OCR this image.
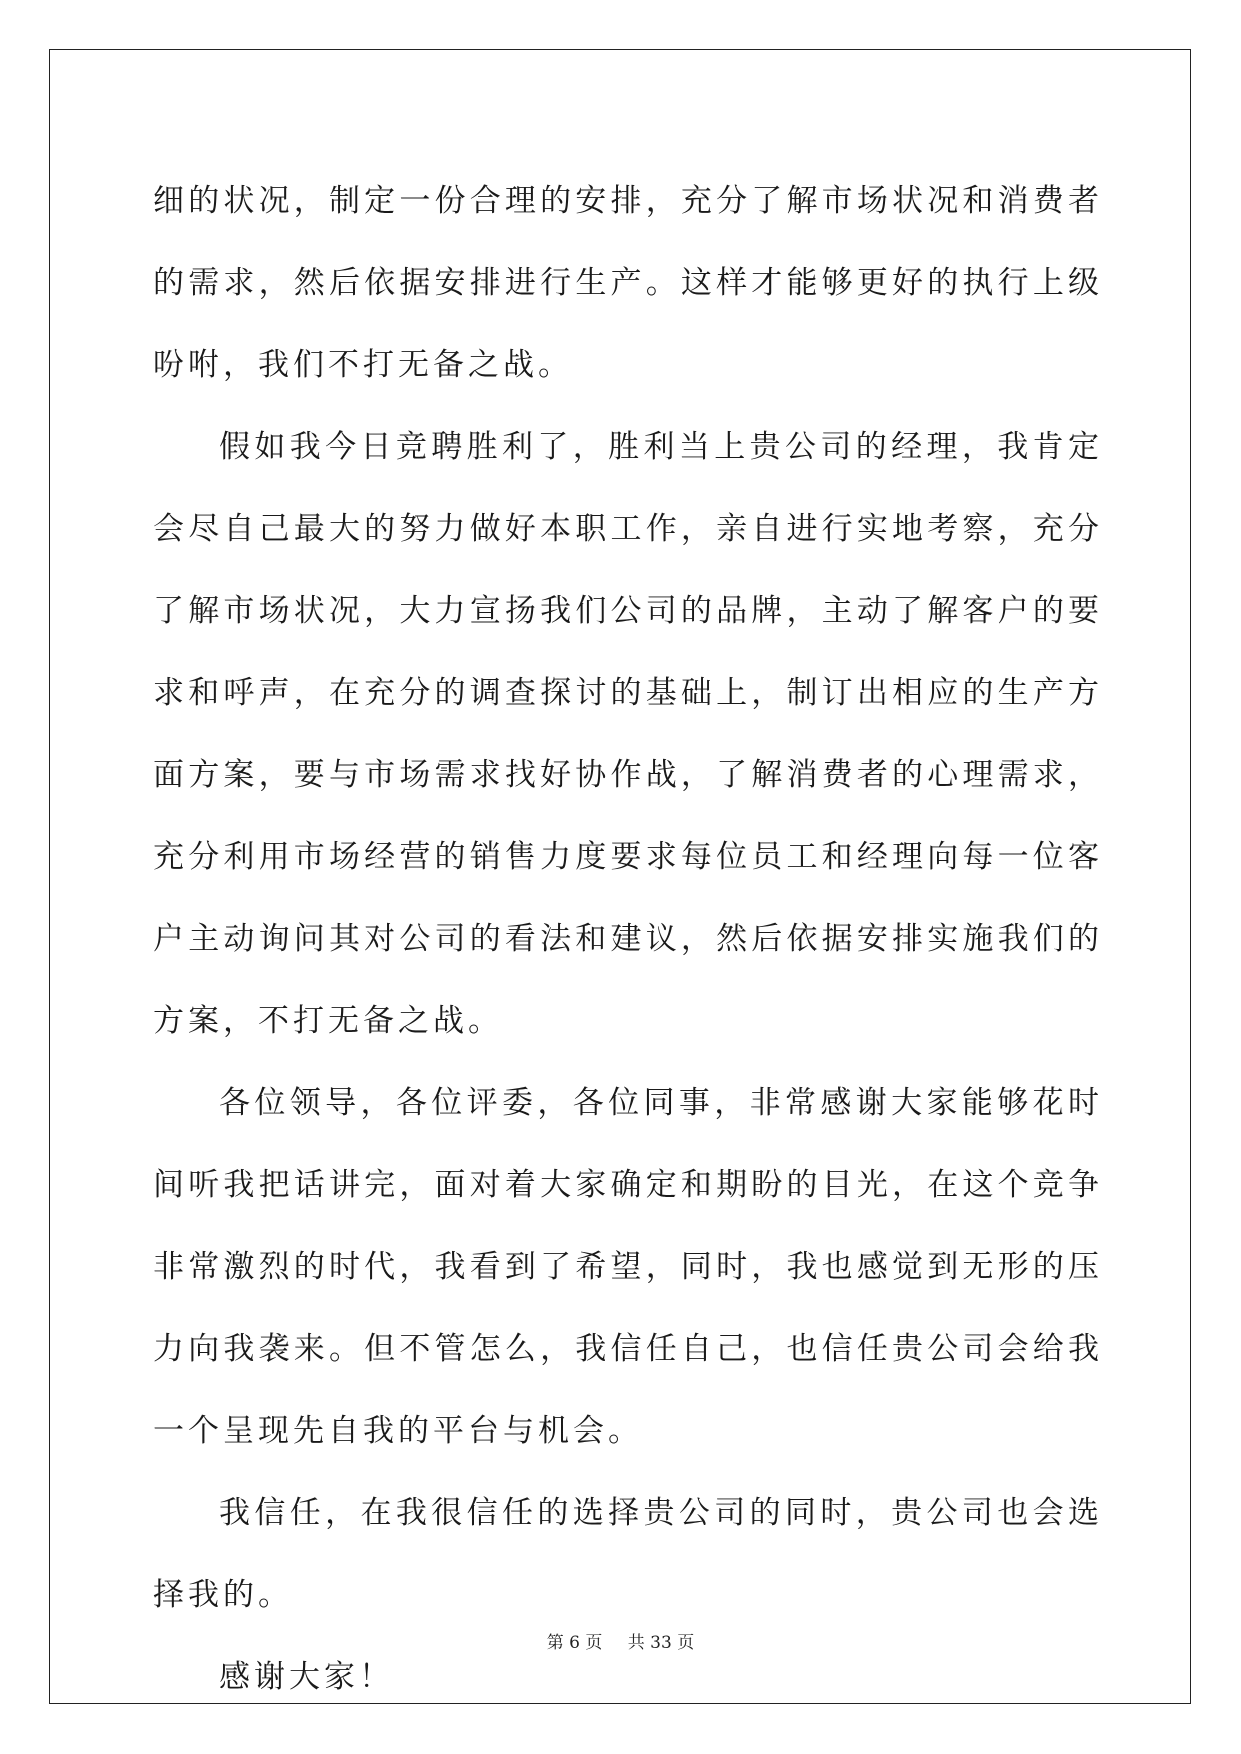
细的状况，制定一份合理的安排，充分了解市场状况和消费者的需求，然后依据安排进行生产。这样才能够更好的执行上级吩咐，我们不打无备之战。

假如我今日竞聘胜利了，胜利当上贵公司的经理，我肯定会尽自己最大的努力做好本职工作，亲自进行实地考察，充分了解市场状况，大力宣扬我们公司的品牌，主动了解客户的要求和呼声，在充分的调查探讨的基础上，制订出相应的生产方面方案，要与市场需求找好协作战，了解消费者的心理需求，充分利用市场经营的销售力度要求每位员工和经理向每一位客户主动询问其对公司的看法和建议，然后依据安排实施我们的方案，不打无备之战。

各位领导，各位评委，各位同事，非常感谢大家能够花时间听我把话讲完，面对着大家确定和期盼的目光，在这个竞争非常激烈的时代，我看到了希望，同时，我也感觉到无形的压力向我袭来。但不管怎么，我信任自己，也信任贵公司会给我一个呈现先自我的平台与机会。

我信任，在我很信任的选择贵公司的同时，贵公司也会选择我的。

感谢大家！

第 6 页 共 33 页
